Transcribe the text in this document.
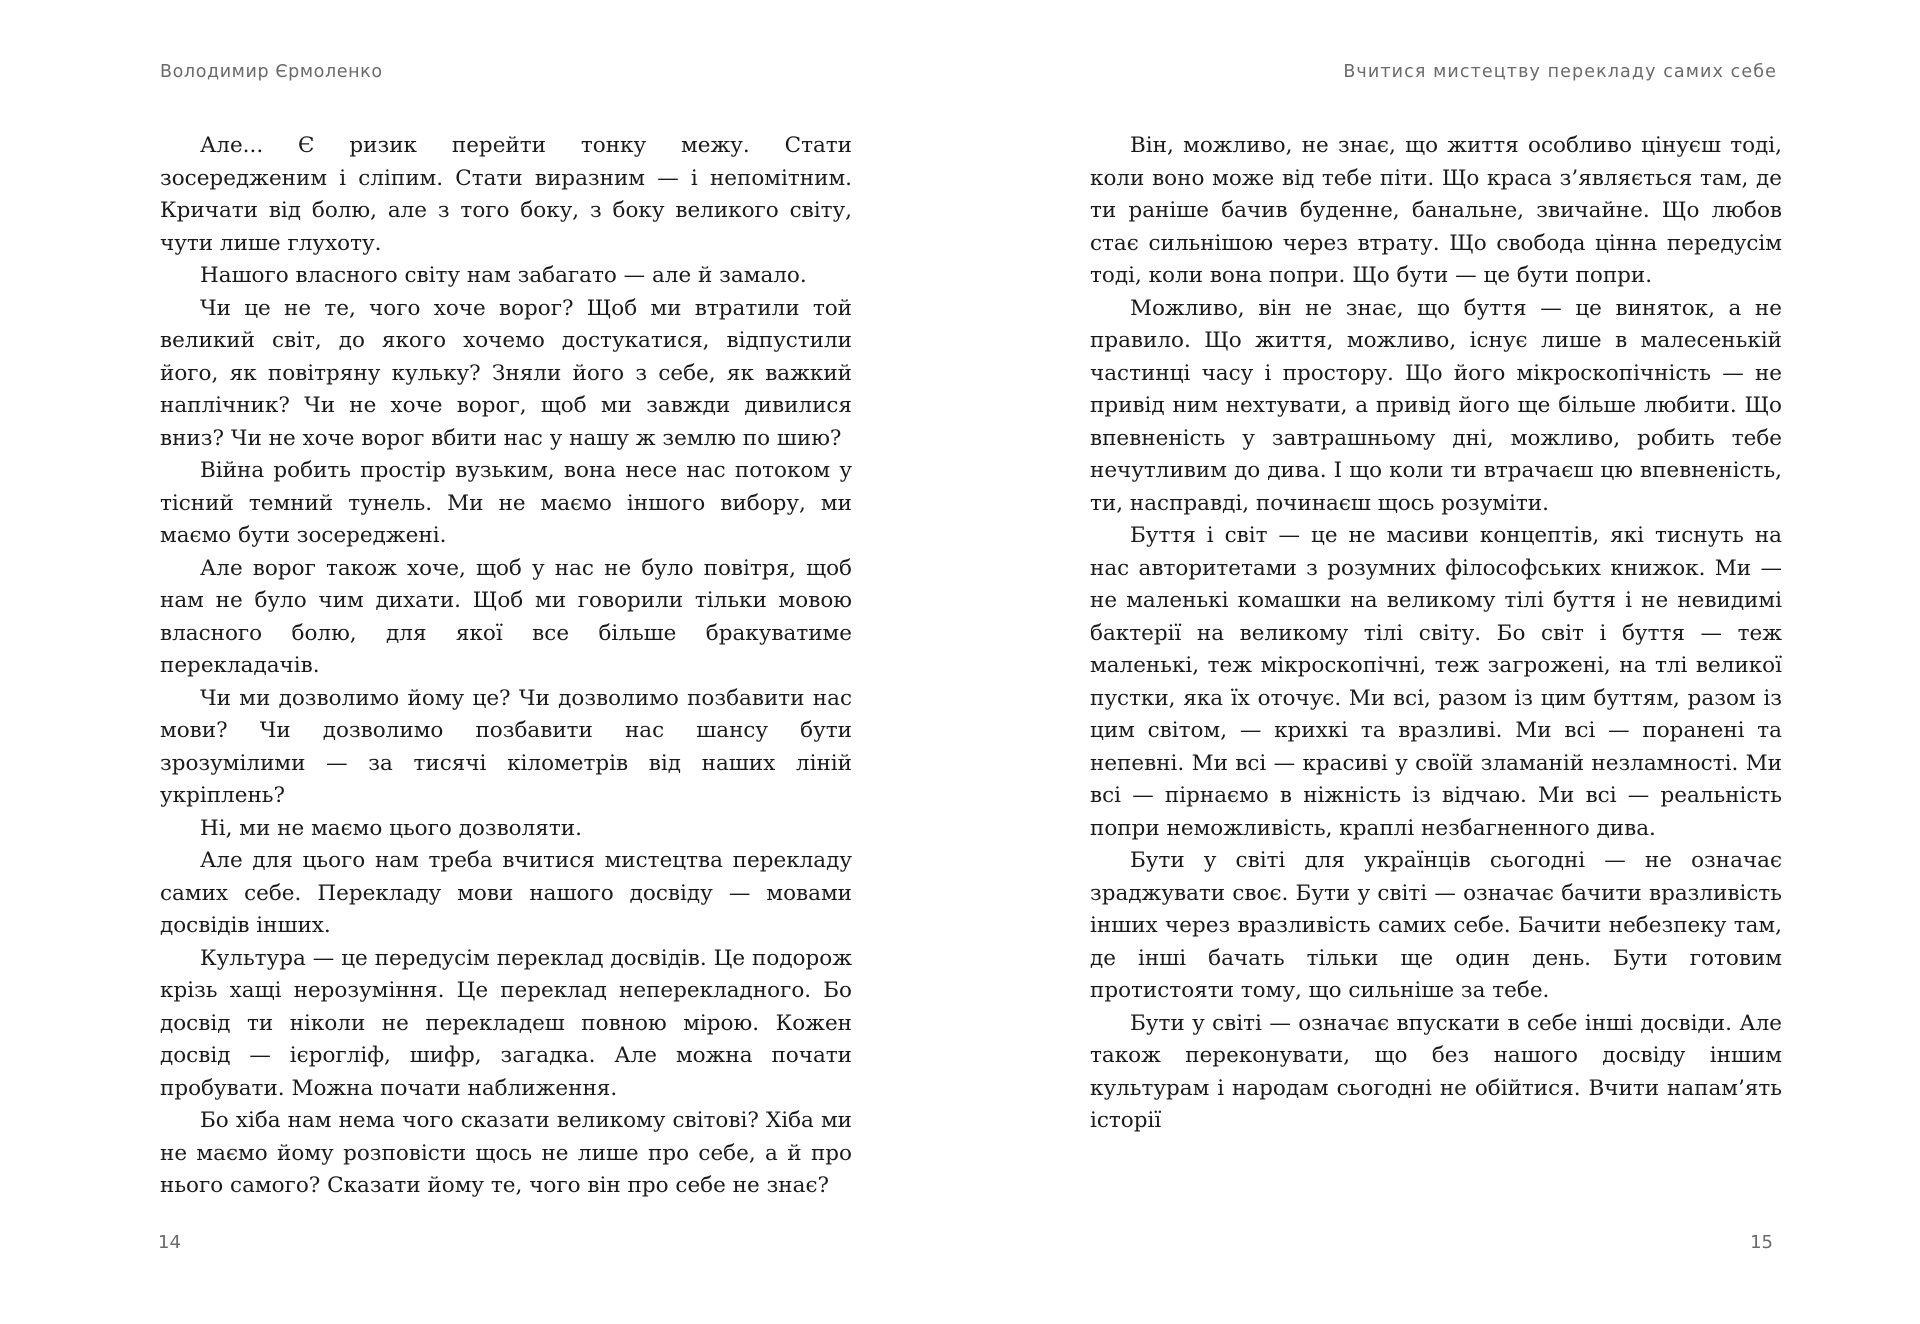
Володимир Єрмоленко

Але... Є ризик перейти тонку межу. Стати зосередженим і сліпим. Стати виразним — і непомітним. Кричати від болю, але з того боку, з боку великого світу, чути лише глухоту.

Нашого власного світу нам забагато — але й замало.

Чи це не те, чого хоче ворог? Щоб ми втратили той великий світ, до якого хочемо достукатися, відпустили його, як повітряну кульку? Зняли його з себе, як важкий наплічник? Чи не хоче ворог, щоб ми завжди дивилися вниз? Чи не хоче ворог вбити нас у нашу ж землю по шию?

Війна робить простір вузьким, вона несе нас потоком у тісний темний тунель. Ми не маємо іншого вибору, ми маємо бути зосереджені.

Але ворог також хоче, щоб у нас не було повітря, щоб нам не було чим дихати. Щоб ми говорили тільки мовою власного болю, для якої все більше бракуватиме перекладачів.

Чи ми дозволимо йому це? Чи дозволимо позбавити нас мови? Чи дозволимо позбавити нас шансу бути зрозумілими — за тисячі кілометрів від наших ліній укріплень?

Ні, ми не маємо цього дозволяти.

Але для цього нам треба вчитися мистецтва перекладу самих себе. Перекладу мови нашого досвіду — мовами досвідів інших.

Культура — це передусім переклад досвідів. Це подорож крізь хащі нерозуміння. Це переклад неперекладного. Бо досвід ти ніколи не перекладеш повною мірою. Кожен досвід — ієрогліф, шифр, загадка. Але можна почати пробувати. Можна почати наближення.

Бо хіба нам нема чого сказати великому світові? Хіба ми не маємо йому розповісти щось не лише про себе, а й про нього самого? Сказати йому те, чого він про себе не знає?

14
Вчитися мистецтву перекладу самих себе

Він, можливо, не знає, що життя особливо цінуєш тоді, коли воно може від тебе піти. Що краса з’являється там, де ти раніше бачив буденне, банальне, звичайне. Що любов стає сильнішою через втрату. Що свобода цінна передусім тоді, коли вона попри. Що бути — це бути попри.

Можливо, він не знає, що буття — це виняток, а не правило. Що життя, можливо, існує лише в малесенькій частинці часу і простору. Що його мікроскопічність — не привід ним нехтувати, а привід його ще більше любити. Що впевненість у завтрашньому дні, можливо, робить тебе нечутливим до дива. І що коли ти втрачаєш цю впевненість, ти, насправді, починаєш щось розуміти.

Буття і світ — це не масиви концептів, які тиснуть на нас авторитетами з розумних філософських книжок. Ми — не маленькі комашки на великому тілі буття і не невидимі бактерії на великому тілі світу. Бо світ і буття — теж маленькі, теж мікроскопічні, теж загрожені, на тлі великої пустки, яка їх оточує. Ми всі, разом із цим буттям, разом із цим світом, — крихкі та вразливі. Ми всі — поранені та непевні. Ми всі — красиві у своїй зламаній незламності. Ми всі — пірнаємо в ніжність із відчаю. Ми всі — реальність попри неможливість, краплі незбагненного дива.

Бути у світі для українців сьогодні — не означає зраджувати своє. Бути у світі — означає бачити вразливість інших через вразливість самих себе. Бачити небезпеку там, де інші бачать тільки ще один день. Бути готовим протистояти тому, що сильніше за тебе.

Бути у світі — означає впускати в себе інші досвіди. Але також переконувати, що без нашого досвіду іншим культурам і народам сьогодні не обійтися. Вчити напам’ять історії

15
